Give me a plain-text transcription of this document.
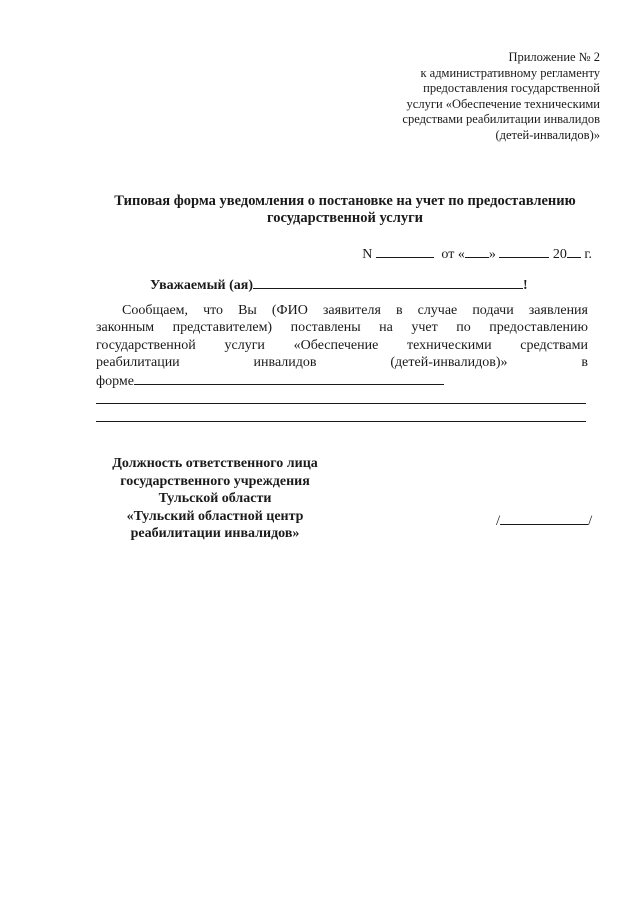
Приложение № 2
к административному регламенту
предоставления государственной
услуги «Обеспечение техническими
средствами реабилитации инвалидов
(детей-инвалидов)»
Типовая форма уведомления о постановке на учет по предоставлению
государственной услуги
N	от « »	20 г.
Уважаемый (ая)	!

Сообщаем, что Вы (ФИО заявителя в случае подачи заявления

законным представителем) поставлены на учет по предоставлению
государственной услуги «Обеспечение техническими средствами
реабилитации инвалидов (детей-инвалидов)» в
форме
Должность ответственного лица
государственного учреждения
Тульской области
«Тульский областной центр
реабилитации инвалидов»
/	/
